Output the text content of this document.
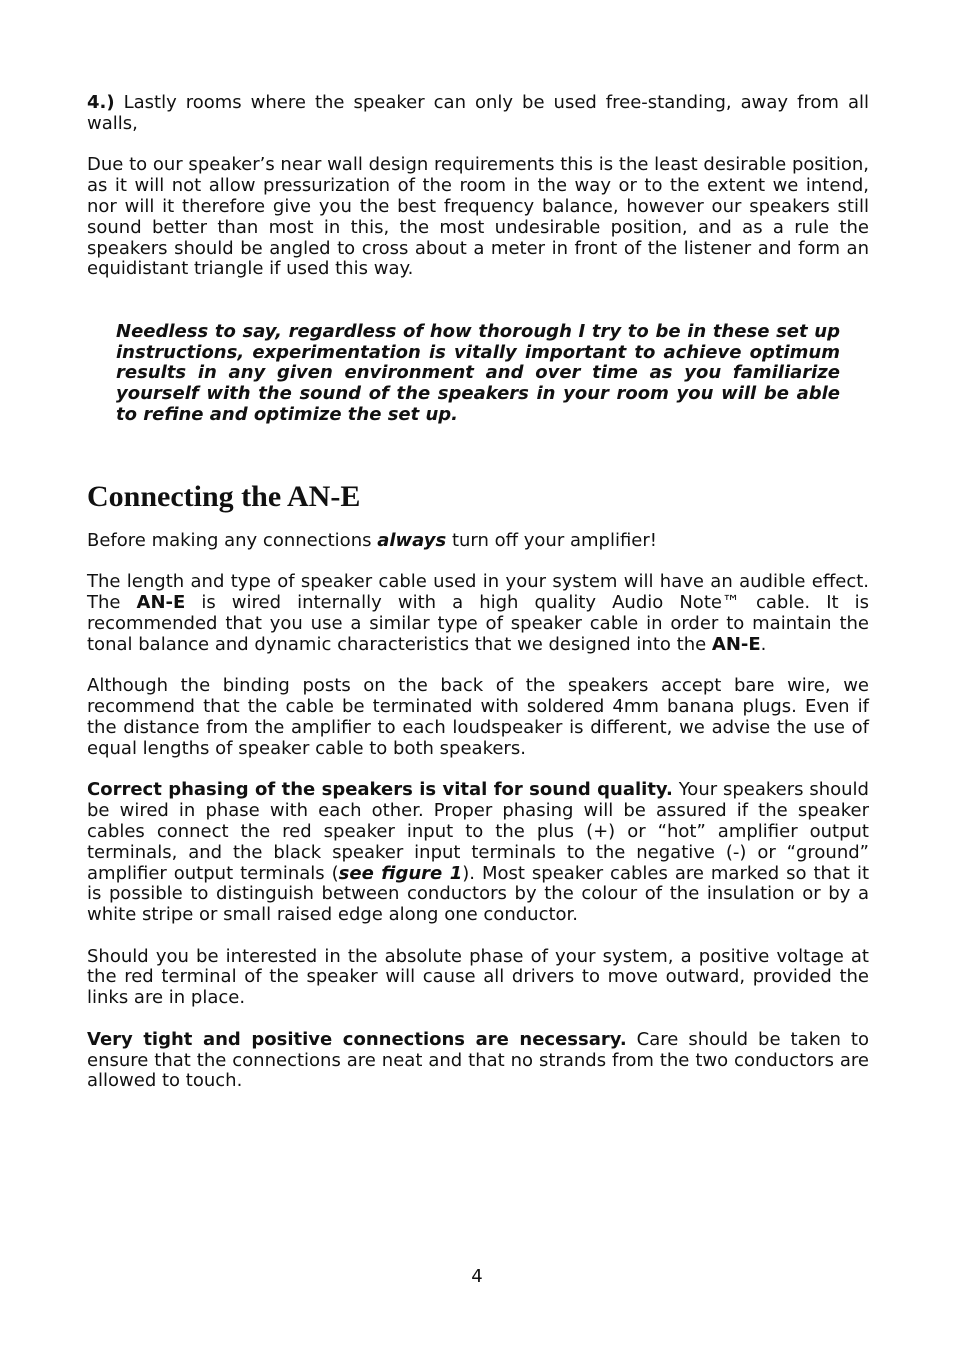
4.) Lastly rooms where the speaker can only be used free-standing, away from all walls,

Due to our speaker’s near wall design requirements this is the least desirable position, as it will not allow pressurization of the room in the way or to the extent we intend, nor will it therefore give you the best frequency balance, however our speakers still sound better than most in this, the most undesirable position, and as a rule the speakers should be angled to cross about a meter in front of the listener and form an equidistant triangle if used this way.

Needless to say, regardless of how thorough I try to be in these set up instructions, experimentation is vitally important to achieve optimum results in any given environment and over time as you familiarize yourself with the sound of the speakers in your room you will be able to refine and optimize the set up.

Connecting the AN-E

Before making any connections always turn off your amplifier!

The length and type of speaker cable used in your system will have an audible effect. The AN-E is wired internally with a high quality Audio Note™ cable. It is recommended that you use a similar type of speaker cable in order to maintain the tonal balance and dynamic characteristics that we designed into the AN-E.

Although the binding posts on the back of the speakers accept bare wire, we recommend that the cable be terminated with soldered 4mm banana plugs. Even if the distance from the amplifier to each loudspeaker is different, we advise the use of equal lengths of speaker cable to both speakers.

Correct phasing of the speakers is vital for sound quality. Your speakers should be wired in phase with each other. Proper phasing will be assured if the speaker cables connect the red speaker input to the plus (+) or “hot” amplifier output terminals, and the black speaker input terminals to the negative (-) or “ground” amplifier output terminals (see figure 1). Most speaker cables are marked so that it is possible to distinguish between conductors by the colour of the insulation or by a white stripe or small raised edge along one conductor.

Should you be interested in the absolute phase of your system, a positive voltage at the red terminal of the speaker will cause all drivers to move outward, provided the links are in place.

Very tight and positive connections are necessary. Care should be taken to ensure that the connections are neat and that no strands from the two conductors are allowed to touch.

4
